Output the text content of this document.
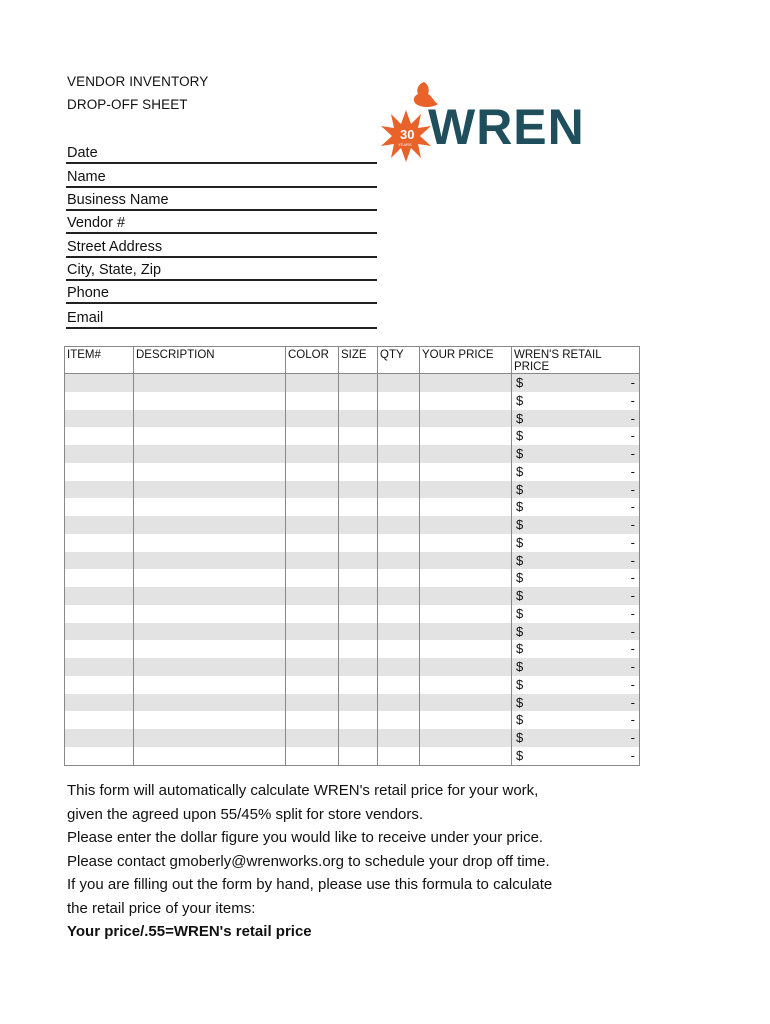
VENDOR INVENTORY
DROP-OFF SHEET
30
YEARS WREN
Date
Name
Business Name
Vendor #
Street Address
City, State, Zip
Phone
Email
ITEM#	DESCRIPTION	COLOR	SIZE	QTY	YOUR PRICE	WREN'S RETAIL PRICE

						$ -

						$ -

						$ -

						$ -

						$ -

						$ -

						$ -

						$ -

						$ -

						$ -

						$ -

						$ -

						$ -

						$ -

						$ -

						$ -

						$ -

						$ -

						$ -

						$ -

						$ -

						$ -
This form will automatically calculate WREN's retail price for your work,
given the agreed upon 55/45% split for store vendors.
Please enter the dollar figure you would like to receive under your price.
Please contact gmoberly@wrenworks.org to schedule your drop off time.
If you are filling out the form by hand, please use this formula to calculate
the retail price of your items:
Your price/.55=WREN's retail price
